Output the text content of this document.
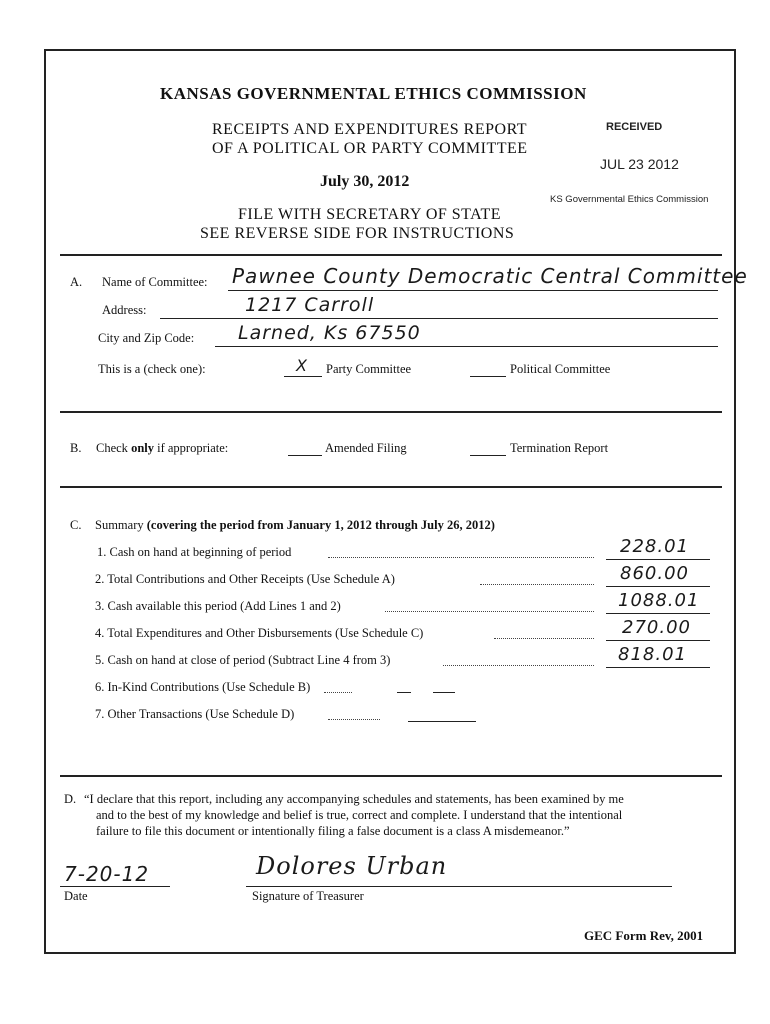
KANSAS GOVERNMENTAL ETHICS COMMISSION
RECEIPTS AND EXPENDITURES REPORT
OF A POLITICAL OR PARTY COMMITTEE
July 30, 2012
FILE WITH SECRETARY OF STATE
SEE REVERSE SIDE FOR INSTRUCTIONS
RECEIVED
JUL 23 2012
KS Governmental Ethics Commission
A. Name of Committee: Pawnee County Democratic Central Committee
Address:	1217 Carroll
City and Zip Code: Larned, Ks 67550
This is a (check one):	X Party Committee	Political Committee
B. Check only if appropriate:	Amended Filing	Termination Report
C. Summary (covering the period from January 1, 2012 through July 26, 2012)
1. Cash on hand at beginning of period	228.01
2. Total Contributions and Other Receipts (Use Schedule A)	860.00
3. Cash available this period (Add Lines 1 and 2)	1088.01
4. Total Expenditures and Other Disbursements (Use Schedule C)	270.00
5. Cash on hand at close of period (Subtract Line 4 from 3)	818.01
6. In-Kind Contributions (Use Schedule B)
7. Other Transactions (Use Schedule D)
D. “I declare that this report, including any accompanying schedules and statements, has been examined by me
and to the best of my knowledge and belief is true, correct and complete. I understand that the intentional
failure to file this document or intentionally filing a false document is a class A misdemeanor.”
7-20-12
Date
Dolores Urban
Signature of Treasurer
GEC Form Rev, 2001
